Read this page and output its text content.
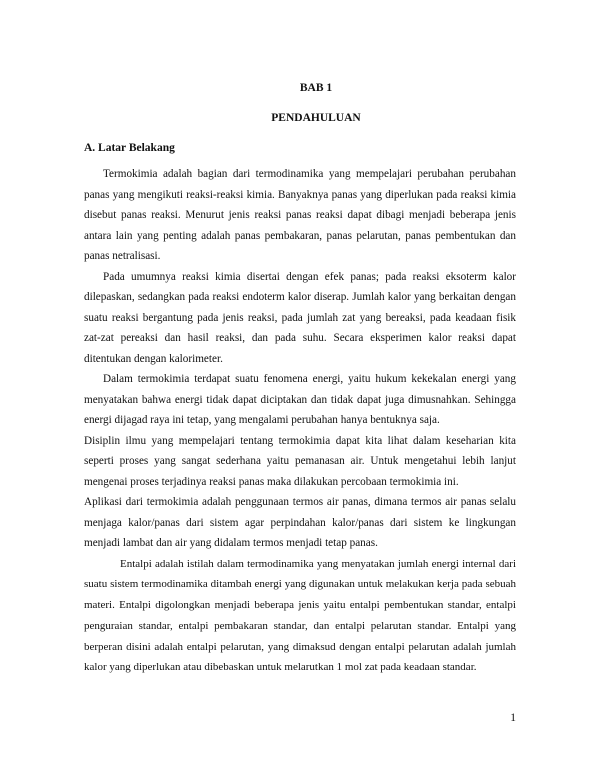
BAB 1
PENDAHULUAN
A. Latar Belakang

Termokimia adalah bagian dari termodinamika yang mempelajari perubahan perubahan panas yang mengikuti reaksi-reaksi kimia. Banyaknya panas yang diperlukan pada reaksi kimia disebut panas reaksi. Menurut jenis reaksi panas reaksi dapat dibagi menjadi beberapa jenis antara lain yang penting adalah panas pembakaran, panas pelarutan, panas pembentukan dan panas netralisasi.

Pada umumnya reaksi kimia disertai dengan efek panas; pada reaksi eksoterm kalor dilepaskan, sedangkan pada reaksi endoterm kalor diserap. Jumlah kalor yang berkaitan dengan suatu reaksi bergantung pada jenis reaksi, pada jumlah zat yang bereaksi, pada keadaan fisik zat-zat pereaksi dan hasil reaksi, dan pada suhu. Secara eksperimen kalor reaksi dapat ditentukan dengan kalorimeter.

Dalam termokimia terdapat suatu fenomena energi, yaitu hukum kekekalan energi yang menyatakan bahwa energi tidak dapat diciptakan dan tidak dapat juga dimusnahkan. Sehingga energi dijagad raya ini tetap, yang mengalami perubahan hanya bentuknya saja.

Disiplin ilmu yang mempelajari tentang termokimia dapat kita lihat dalam keseharian kita seperti proses yang sangat sederhana yaitu pemanasan air. Untuk mengetahui lebih lanjut mengenai proses terjadinya reaksi panas maka dilakukan percobaan termokimia ini.

Aplikasi dari termokimia adalah penggunaan termos air panas, dimana termos air panas selalu menjaga kalor/panas dari sistem agar perpindahan kalor/panas dari sistem ke lingkungan menjadi lambat dan air yang didalam termos menjadi tetap panas.

Entalpi adalah istilah dalam termodinamika yang menyatakan jumlah energi internal dari suatu sistem termodinamika ditambah energi yang digunakan untuk melakukan kerja pada sebuah materi. Entalpi digolongkan menjadi beberapa jenis yaitu entalpi pembentukan standar, entalpi penguraian standar, entalpi pembakaran standar, dan entalpi pelarutan standar. Entalpi yang berperan disini adalah entalpi pelarutan, yang dimaksud dengan entalpi pelarutan adalah jumlah kalor yang diperlukan atau dibebaskan untuk melarutkan 1 mol zat pada keadaan standar.

1
